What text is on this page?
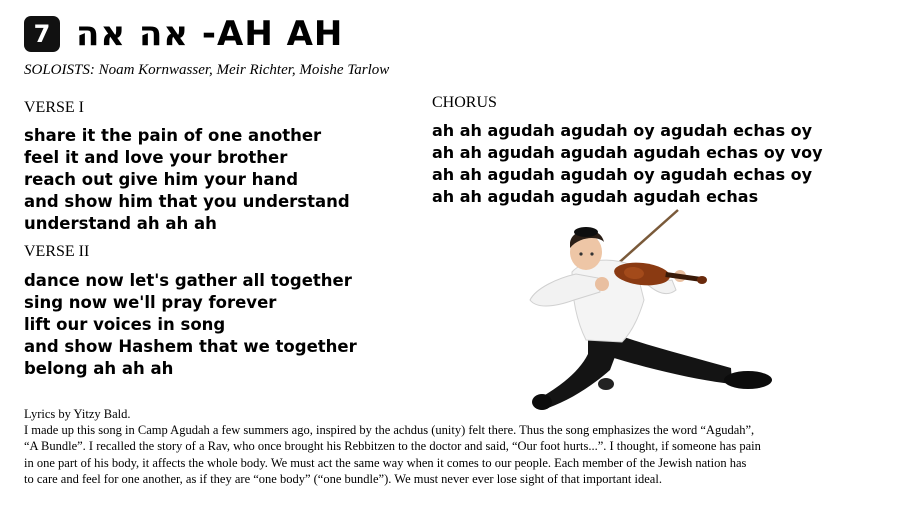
7 אה אה -AH AH
SOLOISTS: Noam Kornwasser, Meir Richter, Moishe Tarlow
VERSE I
share it the pain of one another
feel it and love your brother
reach out give him your hand
and show him that you understand
understand ah ah ah
VERSE II
dance now let's gather all together
sing now we'll pray forever
lift our voices in song
and show Hashem that we together
belong ah ah ah
CHORUS
ah ah agudah agudah oy agudah echas oy
ah ah agudah agudah agudah echas oy voy
ah ah agudah agudah oy agudah echas oy
ah ah agudah agudah agudah echas
Lyrics by Yitzy Bald.
I made up this song in Camp Agudah a few summers ago, inspired by the achdus (unity) felt there. Thus the song emphasizes the word “Agudah”,
“A Bundle”. I recalled the story of a Rav, who once brought his Rebbitzen to the doctor and said, “Our foot hurts...”. I thought, if someone has pain
in one part of his body, it affects the whole body. We must act the same way when it comes to our people. Each member of the Jewish nation has
to care and feel for one another, as if they are “one body” (“one bundle”). We must never ever lose sight of that important ideal.
